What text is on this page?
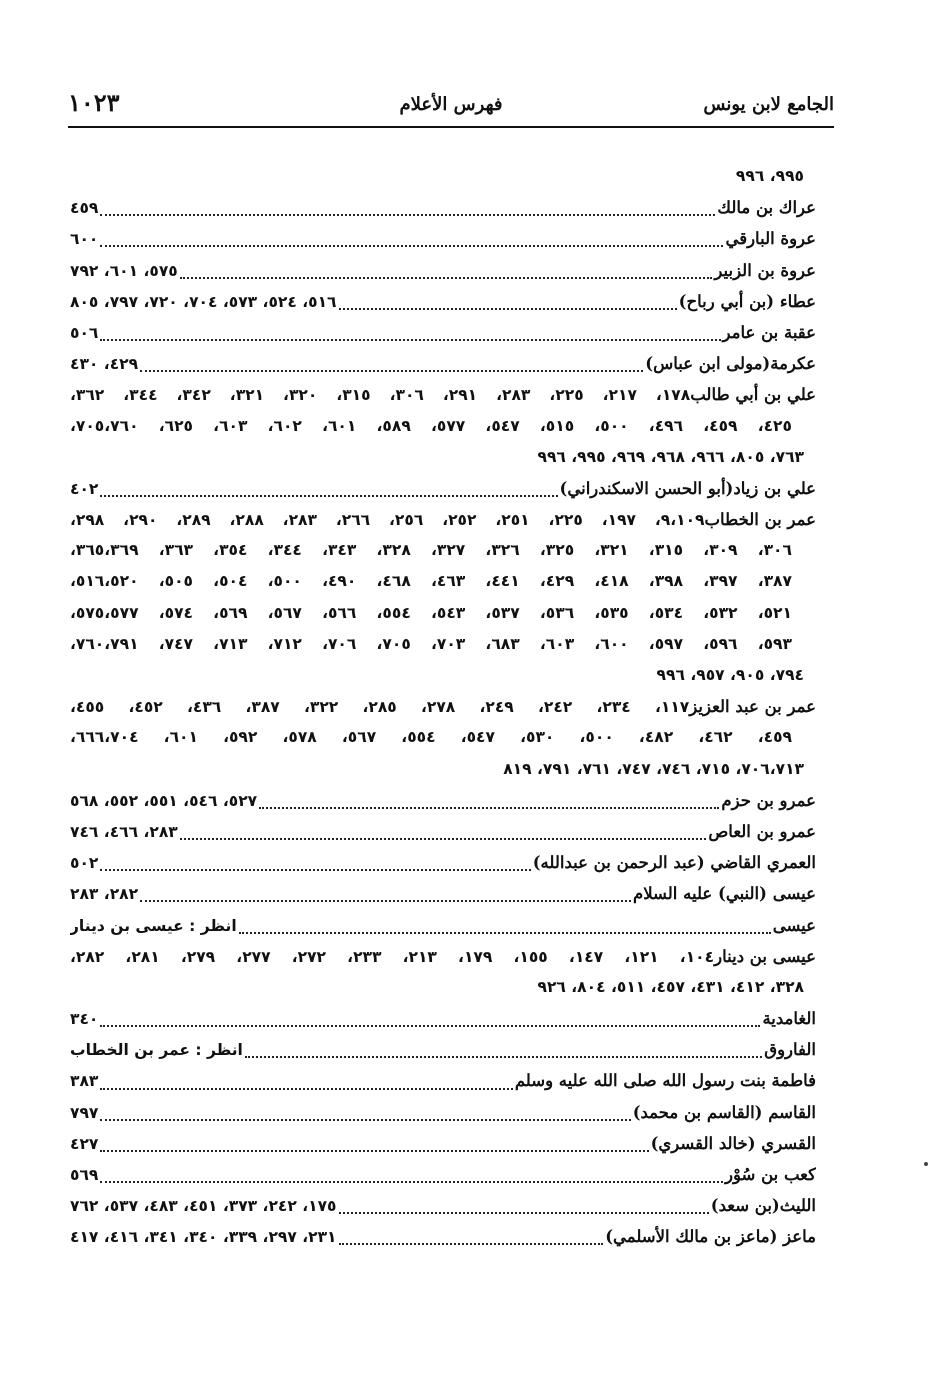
الجامع لابن يونس
فهرس الأعلام
١٠٢٣
٩٩٥، ٩٩٦
عراك بن مالك
٤٥٩
عروة البارقي
٦٠٠
عروة بن الزبير
٥٧٥، ٦٠١، ٧٩٢
عطاء (بن أبي رباح)
٥١٦، ٥٢٤، ٥٧٣، ٧٠٤، ٧٢٠، ٧٩٧، ٨٠٥
عقبة بن عامر
٥٠٦
عكرمة(مولى ابن عباس)
٤٢٩، ٤٣٠
علي بن أبي طالب
١٧٨، ٢١٧، ٢٢٥، ٢٨٣، ٢٩١، ٣٠٦، ٣١٥، ٣٢٠، ٣٢١، ٣٤٢، ٣٤٤، ٣٦٢،
٤٢٥، ٤٥٩، ٤٩٦، ٥٠٠، ٥١٥، ٥٤٧، ٥٧٧، ٥٨٩، ٦٠١، ٦٠٢، ٦٠٣، ٦٢٥، ٧٠٥،٧٦٠،
٧٦٣، ٨٠٥، ٩٦٦، ٩٦٨، ٩٦٩، ٩٩٥، ٩٩٦
علي بن زياد(أبو الحسن الاسكندراني)
٤٠٢
عمر بن الخطاب
٩،١٠٩، ١٩٧، ٢٢٥، ٢٥١، ٢٥٢، ٢٥٦، ٢٦٦، ٢٨٣، ٢٨٨، ٢٨٩، ٢٩٠، ٢٩٨،
٣٠٦، ٣٠٩، ٣١٥، ٣٢١، ٣٢٥، ٣٢٦، ٣٢٧، ٣٢٨، ٣٤٣، ٣٤٤، ٣٥٤، ٣٦٣، ٣٦٥،٣٦٩،
٣٨٧، ٣٩٧، ٣٩٨، ٤١٨، ٤٢٩، ٤٤١، ٤٦٣، ٤٦٨، ٤٩٠، ٥٠٠، ٥٠٤، ٥٠٥، ٥١٦،٥٢٠،
٥٢١، ٥٣٢، ٥٣٤، ٥٣٥، ٥٣٦، ٥٣٧، ٥٤٣، ٥٥٤، ٥٦٦، ٥٦٧، ٥٦٩، ٥٧٤، ٥٧٥،٥٧٧،
٥٩٣، ٥٩٦، ٥٩٧، ٦٠٠، ٦٠٣، ٦٨٣، ٧٠٣، ٧٠٥، ٧٠٦، ٧١٢، ٧١٣، ٧٤٧، ٧٦٠،٧٩١،
٧٩٤، ٩٠٥، ٩٥٧، ٩٩٦
عمر بن عبد العزيز
١١٧، ٢٣٤، ٢٤٢، ٢٤٩، ٢٧٨، ٢٨٥، ٣٢٢، ٣٨٧، ٤٣٦، ٤٥٢، ٤٥٥،
٤٥٩، ٤٦٢، ٤٨٢، ٥٠٠، ٥٣٠، ٥٤٧، ٥٥٤، ٥٦٧، ٥٧٨، ٥٩٢، ٦٠١، ٦٦٦،٧٠٤،
٧٠٦،٧١٣، ٧١٥، ٧٤٦، ٧٤٧، ٧٦١، ٧٩١، ٨١٩
عمرو بن حزم
٥٢٧، ٥٤٦، ٥٥١، ٥٥٢، ٥٦٨
عمرو بن العاص
٢٨٣، ٤٦٦، ٧٤٦
العمري القاضي (عبد الرحمن بن عبدالله)
٥٠٢
عيسى (النبي) عليه السلام
٢٨٢، ٢٨٣
عيسى
انظر : عيسى بن دينار
عيسى بن دينار
١٠٤، ١٢١، ١٤٧، ١٥٥، ١٧٩، ٢١٣، ٢٣٣، ٢٧٢، ٢٧٧، ٢٧٩، ٢٨١، ٢٨٢،
٣٢٨، ٤١٢، ٤٣١، ٤٥٧، ٥١١، ٨٠٤، ٩٢٦
الغامدية
٣٤٠
الفاروق
انظر : عمر بن الخطاب
فاطمة بنت رسول الله صلى الله عليه وسلم
٣٨٣
القاسم (القاسم بن محمد)
٧٩٧
القسري (خالد القسري)
٤٢٧
كعب بن سُوْر
٥٦٩
الليث(بن سعد)
١٧٥، ٢٤٢، ٣٧٣، ٤٥١، ٤٨٣، ٥٣٧، ٧٦٢
ماعز (ماعز بن مالك الأسلمي)
٢٣١، ٢٩٧، ٣٣٩، ٣٤٠، ٣٤١، ٤١٦، ٤١٧
